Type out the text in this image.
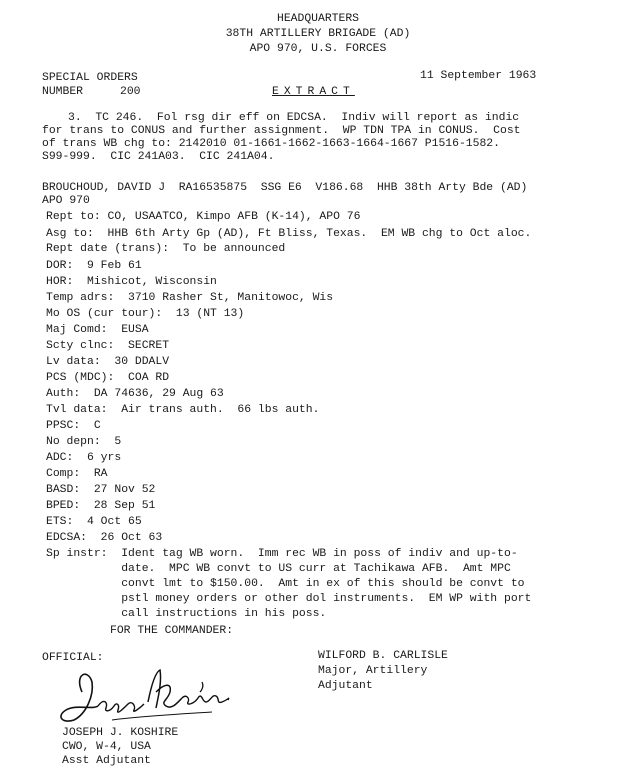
HEADQUARTERS
38TH ARTILLERY BRIGADE (AD)
APO 970, U.S. FORCES
SPECIAL ORDERS
NUMBER	200
11 September 1963
EXTRACT
3.  TC 246.  Fol rsg dir eff on EDCSA.  Indiv will report as indic
for trans to CONUS and further assignment.  WP TDN TPA in CONUS.  Cost
of trans WB chg to: 2142010 01-1661-1662-1663-1664-1667 P1516-1582.
S99-999.  CIC 241A03.  CIC 241A04.
BROUCHOUD, DAVID J  RA16535875  SSG E6  V186.68  HHB 38th Arty Bde (AD)
APO 970
Rept to: CO, USAATCO, Kimpo AFB (K-14), APO 76
Asg to:  HHB 6th Arty Gp (AD), Ft Bliss, Texas.  EM WB chg to Oct aloc.
Rept date (trans):  To be announced
DOR:  9 Feb 61
HOR:  Mishicot, Wisconsin
Temp adrs:  3710 Rasher St, Manitowoc, Wis
Mo OS (cur tour):  13 (NT 13)
Maj Comd:  EUSA
Scty clnc:  SECRET
Lv data:  30 DDALV
PCS (MDC):  COA RD
Auth:  DA 74636, 29 Aug 63
Tvl data:  Air trans auth.  66 lbs auth.
PPSC:  C
No depn:  5
ADC:  6 yrs
Comp:  RA
BASD:  27 Nov 52
BPED:  28 Sep 51
ETS:  4 Oct 65
EDCSA:  26 Oct 63
Sp instr:  Ident tag WB worn.  Imm rec WB in poss of indiv and up-to-
date.  MPC WB convt to US curr at Tachikawa AFB.  Amt MPC
convt lmt to $150.00.  Amt in ex of this should be convt to
pstl money orders or other dol instruments.  EM WP with port
call instructions in his poss.
FOR THE COMMANDER:
WILFORD B. CARLISLE
Major, Artillery
Adjutant
OFFICIAL:
JOSEPH J. KOSHIRE
CWO, W-4, USA
Asst Adjutant
